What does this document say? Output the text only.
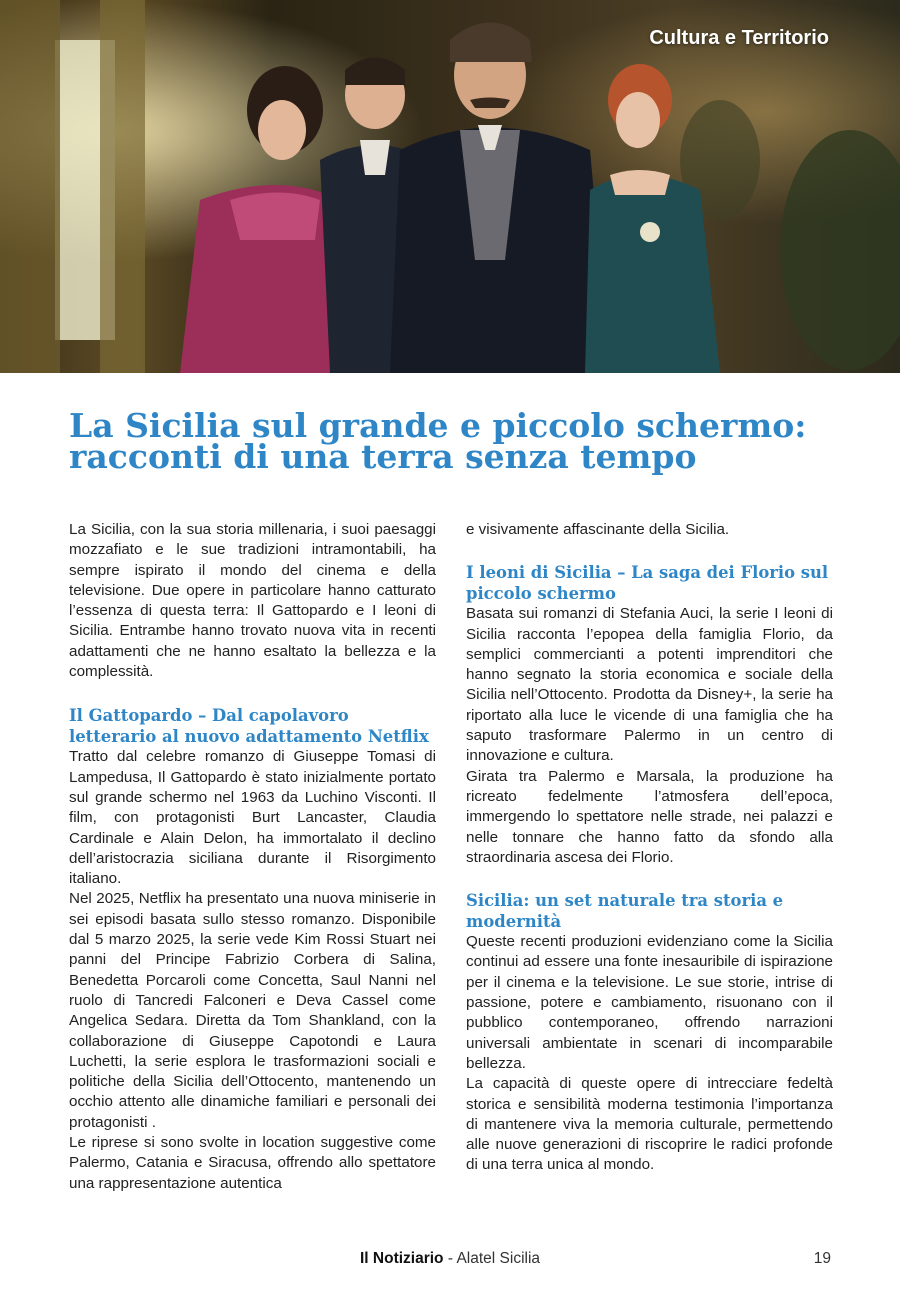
Cultura e Territorio
La Sicilia sul grande e piccolo schermo: racconti di una terra senza tempo

La Sicilia, con la sua storia millenaria, i suoi paesaggi mozzafiato e le sue tradizioni intramontabili, ha sempre ispirato il mondo del cinema e della televisione. Due opere in particolare hanno catturato l’essenza di questa terra: Il Gattopardo e I leoni di Sicilia. Entrambe hanno trovato nuova vita in recenti adattamenti che ne hanno esaltato la bellezza e la complessità.

Il Gattopardo – Dal capolavoro letterario al nuovo adattamento Netflix

Tratto dal celebre romanzo di Giuseppe Tomasi di Lampedusa, Il Gattopardo è stato inizialmente portato sul grande schermo nel 1963 da Luchino Visconti. Il film, con protagonisti Burt Lancaster, Claudia Cardinale e Alain Delon, ha immortalato il declino dell’aristocrazia siciliana durante il Risorgimento italiano.

Nel 2025, Netflix ha presentato una nuova miniserie in sei episodi basata sullo stesso romanzo. Disponibile dal 5 marzo 2025, la serie vede Kim Rossi Stuart nei panni del Principe Fabrizio Corbera di Salina, Benedetta Porcaroli come Concetta, Saul Nanni nel ruolo di Tancredi Falconeri e Deva Cassel come Angelica Sedara. Diretta da Tom Shankland, con la collaborazione di Giuseppe Capotondi e Laura Luchetti, la serie esplora le trasformazioni sociali e politiche della Sicilia dell’Ottocento, mantenendo un occhio attento alle dinamiche familiari e personali dei protagonisti .

Le riprese si sono svolte in location suggestive come Palermo, Catania e Siracusa, offrendo allo spettatore una rappresentazione autentica

e visivamente affascinante della Sicilia.

I leoni di Sicilia – La saga dei Florio sul piccolo schermo

Basata sui romanzi di Stefania Auci, la serie I leoni di Sicilia racconta l’epopea della famiglia Florio, da semplici commercianti a potenti imprenditori che hanno segnato la storia economica e sociale della Sicilia nell’Ottocento. Prodotta da Disney+, la serie ha riportato alla luce le vicende di una famiglia che ha saputo trasformare Palermo in un centro di innovazione e cultura.

Girata tra Palermo e Marsala, la produzione ha ricreato fedelmente l’atmosfera dell’epoca, immergendo lo spettatore nelle strade, nei palazzi e nelle tonnare che hanno fatto da sfondo alla straordinaria ascesa dei Florio.

Sicilia: un set naturale tra storia e modernità

Queste recenti produzioni evidenziano come la Sicilia continui ad essere una fonte inesauribile di ispirazione per il cinema e la televisione. Le sue storie, intrise di passione, potere e cambiamento, risuonano con il pubblico contemporaneo, offrendo narrazioni universali ambientate in scenari di incomparabile bellezza.

La capacità di queste opere di intrecciare fedeltà storica e sensibilità moderna testimonia l’importanza di mantenere viva la memoria culturale, permettendo alle nuove generazioni di riscoprire le radici profonde di una terra unica al mondo.

Il Notiziario - Alatel Sicilia	19
